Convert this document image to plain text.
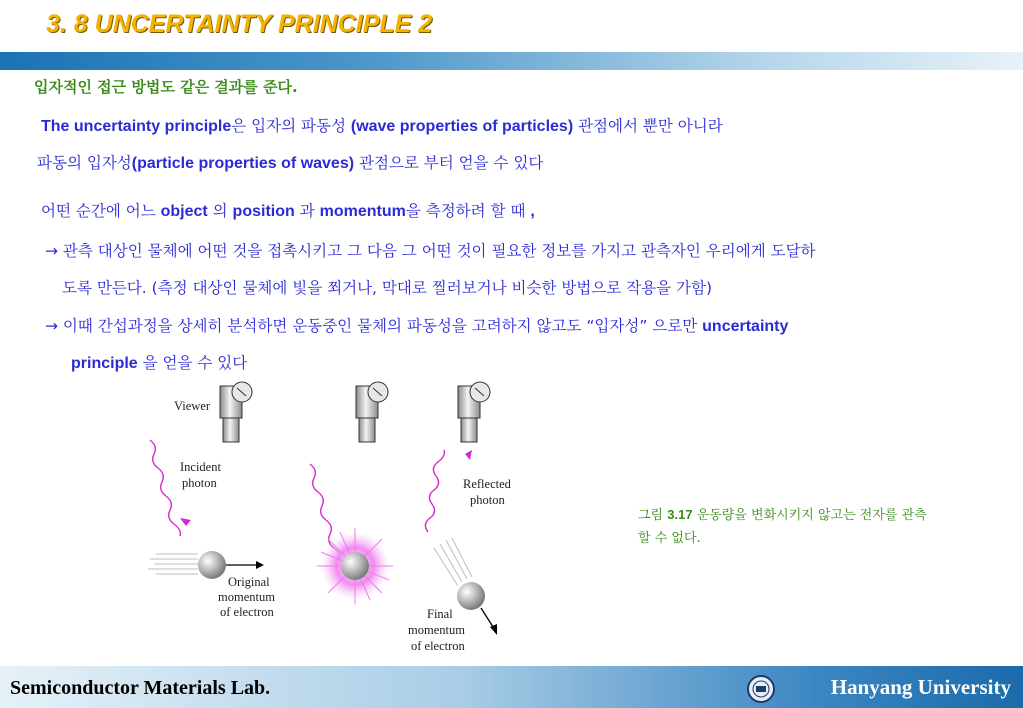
3. 8 UNCERTAINTY PRINCIPLE 2
입자적인 접근 방법도 같은 결과를 준다.
The uncertainty principle은 입자의 파동성 (wave properties of particles) 관점에서 뿐만 아니라
파동의 입자성(particle properties of waves) 관점으로 부터 얻을 수 있다
어떤 순간에 어느 object 의 position 과 momentum을 측정하려 할 때 ,
→ 관측 대상인 물체에 어떤 것을 접촉시키고 그 다음 그 어떤 것이 필요한 정보를 가지고 관측자인 우리에게 도달하
도록 만든다. (측정 대상인 물체에 빛을 쬐거나, 막대로 찔러보거나 비슷한 방법으로 작용을 가함)
→ 이때 간섭과정을 상세히 분석하면 운동중인 물체의 파동성을 고려하지 않고도 “입자성” 으로만 uncertainty
principle 을 얻을 수 있다
Viewer
Incident
photon	Reflected
photon
Original
momentum
of electron	Final
momentum
of electron
그림 3.17 운동량을 변화시키지 않고는 전자를 관측할 수 없다.
Semiconductor Materials Lab.	Hanyang University
